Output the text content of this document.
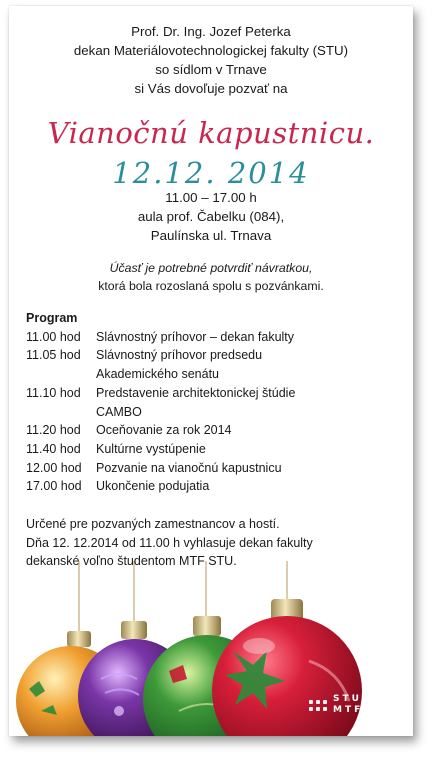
Prof. Dr. Ing. Jozef Peterka
dekan Materiálovotechnologickej fakulty (STU)
so sídlom v Trnave
si Vás dovoľuje pozvať na
Vianočnú kapustnicu.
12.12. 2014
11.00 – 17.00 h
aula prof. Čabelku (084),
Paulínska ul. Trnava
Účasť je potrebné potvrdiť návratkou,
ktorá bola rozoslaná spolu s pozvánkami.
Program
11.00 hod	Slávnostný príhovor – dekan fakulty
11.05 hod	Slávnostný príhovor predsedu
Akademického senátu
11.10 hod	Predstavenie architektonickej štúdie
CAMBO
11.20 hod	Oceňovanie za rok 2014
11.40 hod	Kultúrne vystúpenie
12.00 hod	Pozvanie na vianočnú kapustnicu
17.00 hod	Ukončenie podujatia
Určené pre pozvaných zamestnancov a hostí.
Dňa 12. 12.2014 od 11.00 h vyhlasuje dekan fakulty
dekanské voľno študentom MTF STU.
STU
MTF
